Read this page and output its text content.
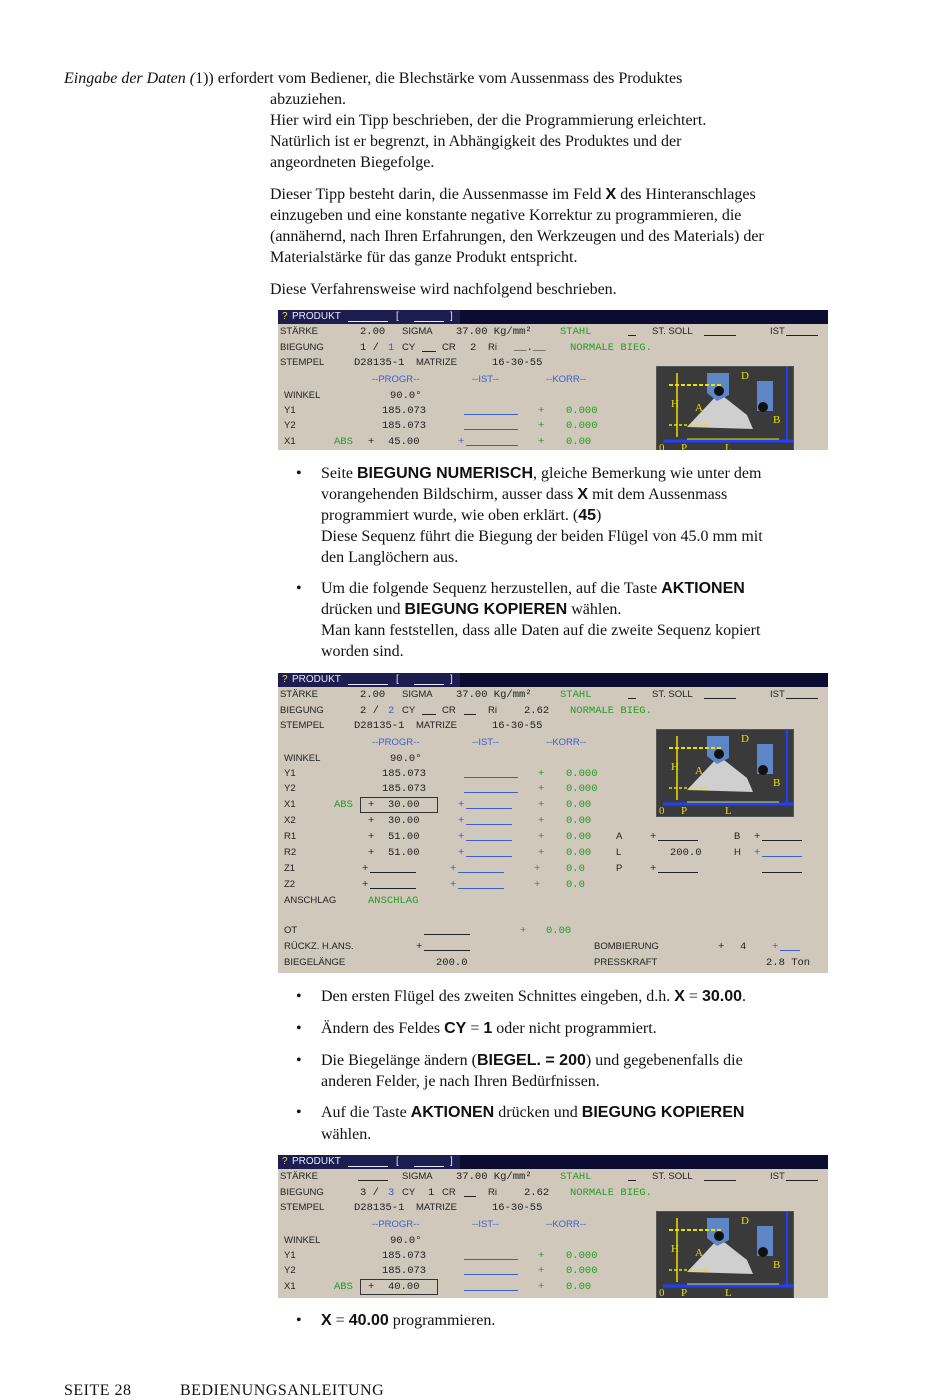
Eingabe der Daten (1)) erfordert vom Bediener, die Blechstärke vom Aussenmass des Produktes
abzuziehen.
Hier wird ein Tipp beschrieben, der die Programmierung erleichtert.
Natürlich ist er begrenzt, in Abhängigkeit des Produktes und der
angeordneten Biegefolge.
Dieser Tipp besteht darin, die Aussenmasse im Feld X des Hinteranschlages
einzugeben und eine konstante negative Korrektur zu programmieren, die
(annähernd, nach Ihren Erfahrungen, den Werkzeugen und des Materials) der
Materialstärke für das ganze Produkt entspricht.
Diese Verfahrensweise wird nachfolgend beschrieben.
? PRODUKT	[	]
STÄRKE	2.00 SIGMA 37.00 Kg/mm²	STAHL	ST. SOLL	IST
BIEGUNG	1 / 1 CY	CR 2 Ri __.__ NORMALE BIEG.
STEMPEL	D28135-1 MATRIZE	16-30-55
--PROGR--	--IST--	--KORR--
WINKEL	90.0°
Y1	185.073	+ 0.000
Y2	185.073	+ 0.000
X1	ABS + 45.00	+	+ 0.00
D
H A
B
P	L
0
• Seite BIEGUNG NUMERISCH, gleiche Bemerkung wie unter dem
vorangehenden Bildschirm, ausser dass X mit dem Aussenmass
programmiert wurde, wie oben erklärt. (45)
Diese Sequenz führt die Biegung der beiden Flügel von 45.0 mm mit
den Langlöchern aus.
• Um die folgende Sequenz herzustellen, auf die Taste AKTIONEN
drücken und BIEGUNG KOPIEREN wählen.
Man kann feststellen, dass alle Daten auf die zweite Sequenz kopiert
worden sind.
? PRODUKT	[	]
STÄRKE	2.00 SIGMA 37.00 Kg/mm²	STAHL	ST. SOLL	IST
BIEGUNG	2 / 2 CY	CR	Ri	2.62 NORMALE BIEG.
STEMPEL	D28135-1 MATRIZE	16-30-55
--PROGR--	--IST--	--KORR--
WINKEL	90.0°
Y1	185.073	+ 0.000
Y2	185.073	+ 0.000
X1	ABS + 30.00	+	+ 0.00
X2	+ 30.00	+	+ 0.00
R1	+ 51.00	+	+ 0.00	A	+	B +
R2	+ 51.00	+	+ 0.00	L	200.0	H +
Z1	+	+	+ 0.0	P	+
Z2	+	+	+ 0.0
ANSCHLAG	ANSCHLAG
OT	+ 0.00
RÜCKZ. H.ANS.	+	BOMBIERUNG	+ 4 +
BIEGELÄNGE	200.0	PRESSKRAFT	2.8 Ton
D
H A
B
P	L
0
• Den ersten Flügel des zweiten Schnittes eingeben, d.h. X = 30.00.
• Ändern des Feldes CY = 1 oder nicht programmiert.
• Die Biegelänge ändern (BIEGEL. = 200) und gegebenenfalls die
anderen Felder, je nach Ihren Bedürfnissen.
• Auf die Taste AKTIONEN drücken und BIEGUNG KOPIEREN
wählen.
? PRODUKT	[	]
STÄRKE	SIGMA 37.00 Kg/mm²	STAHL	ST. SOLL	IST
BIEGUNG	3 / 3 CY 1 CR	Ri	2.62 NORMALE BIEG.
STEMPEL	D28135-1 MATRIZE	16-30-55
--PROGR--	--IST--	--KORR--
WINKEL	90.0°
Y1	185.073	+ 0.000
Y2	185.073	+ 0.000
X1	ABS + 40.00	+ 0.00
D
H A
B
P	L
0
• X = 40.00 programmieren.
SEITE 28	BEDIENUNGSANLEITUNG
